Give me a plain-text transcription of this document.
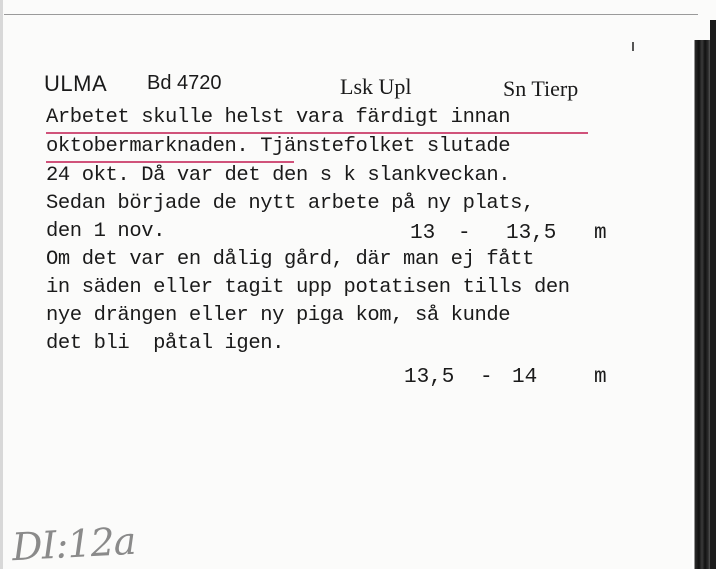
ULMA Bd 4720	Lsk Upl	Sn Tierp
Arbetet skulle helst vara färdigt innan
oktobermarknaden. Tjänstefolket slutade
24 okt. Då var det den s k slankveckan.
Sedan började de nytt arbete på ny plats,
den 1 nov.	13 - 13,5 m
Om det var en dålig gård, där man ej fått
in säden eller tagit upp potatisen tills den
nye drängen eller ny piga kom, så kunde
det bli  påtal igen.
13,5 - 14	m
DI:12a
